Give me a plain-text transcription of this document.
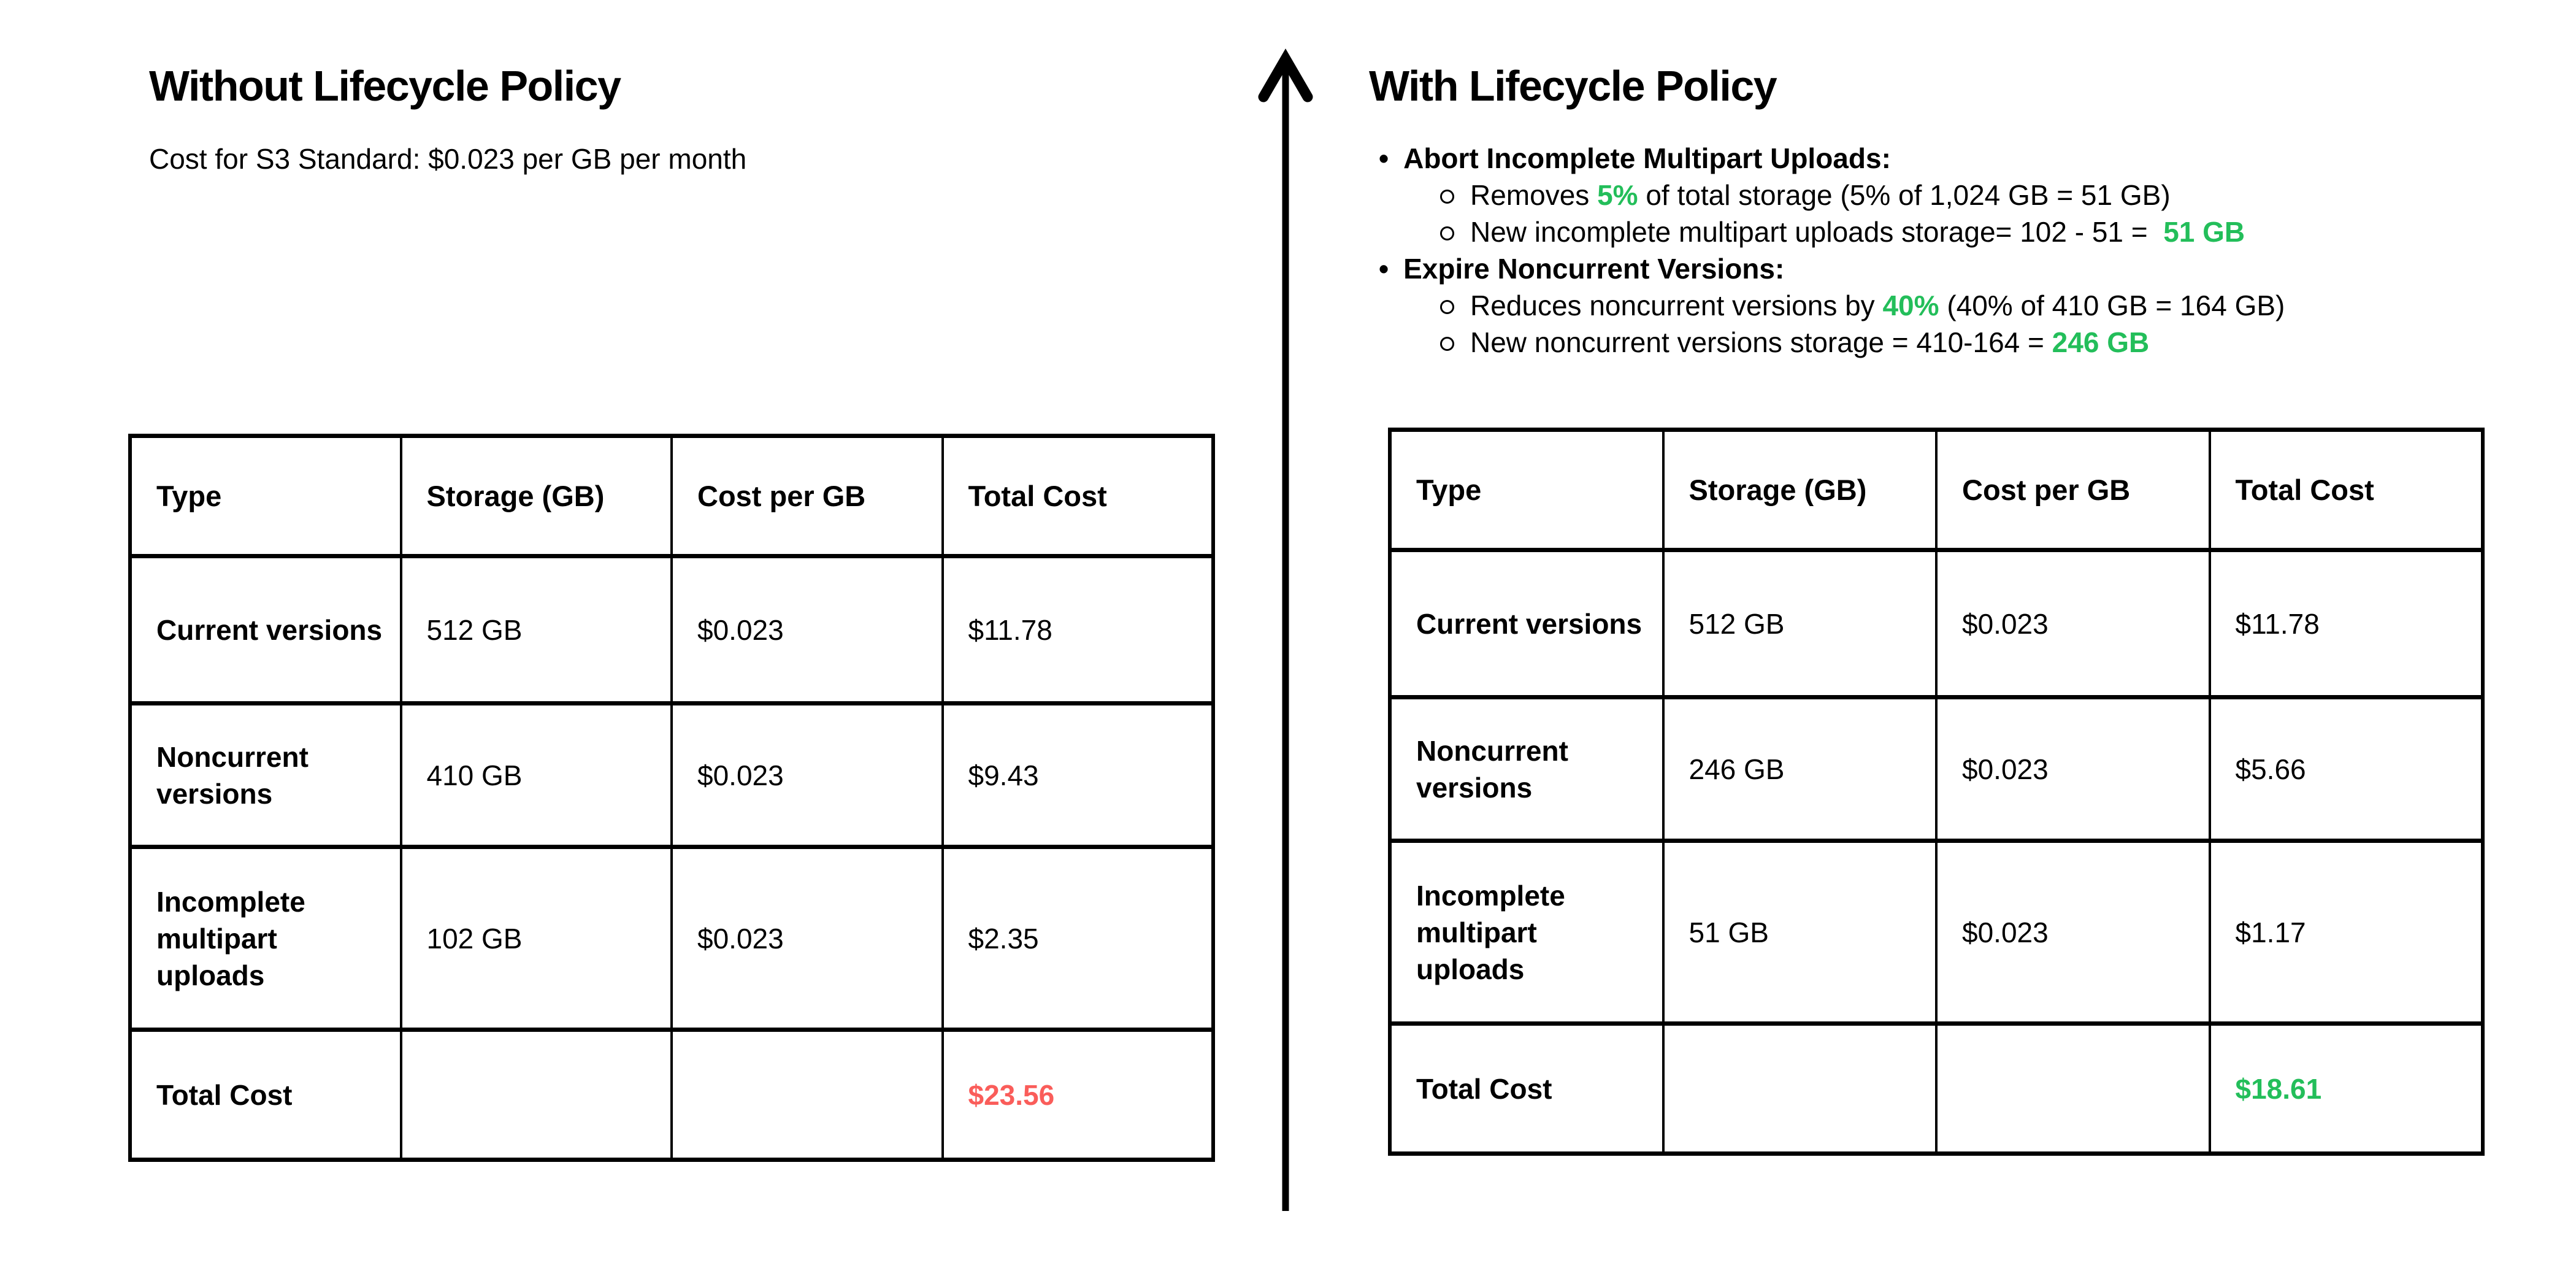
Without Lifecycle Policy
Cost for S3 Standard: $0.023 per GB per month
Type	Storage (GB)	Cost per GB	Total Cost
Current versions	512 GB	$0.023	$11.78
Noncurrent versions	410 GB	$0.023	$9.43
Incomplete multipart uploads	102 GB	$0.023	$2.35
Total Cost			$23.56
With Lifecycle Policy
•
Abort Incomplete Multipart Uploads:
Removes 5% of total storage (5% of 1,024 GB = 51 GB)
New incomplete multipart uploads storage= 102 - 51 =  51 GB
•
Expire Noncurrent Versions:
Reduces noncurrent versions by 40% (40% of 410 GB = 164 GB)
New noncurrent versions storage = 410-164 = 246 GB
Type	Storage (GB)	Cost per GB	Total Cost
Current versions	512 GB	$0.023	$11.78
Noncurrent versions	246 GB	$0.023	$5.66
Incomplete multipart uploads	51 GB	$0.023	$1.17
Total Cost			$18.61
